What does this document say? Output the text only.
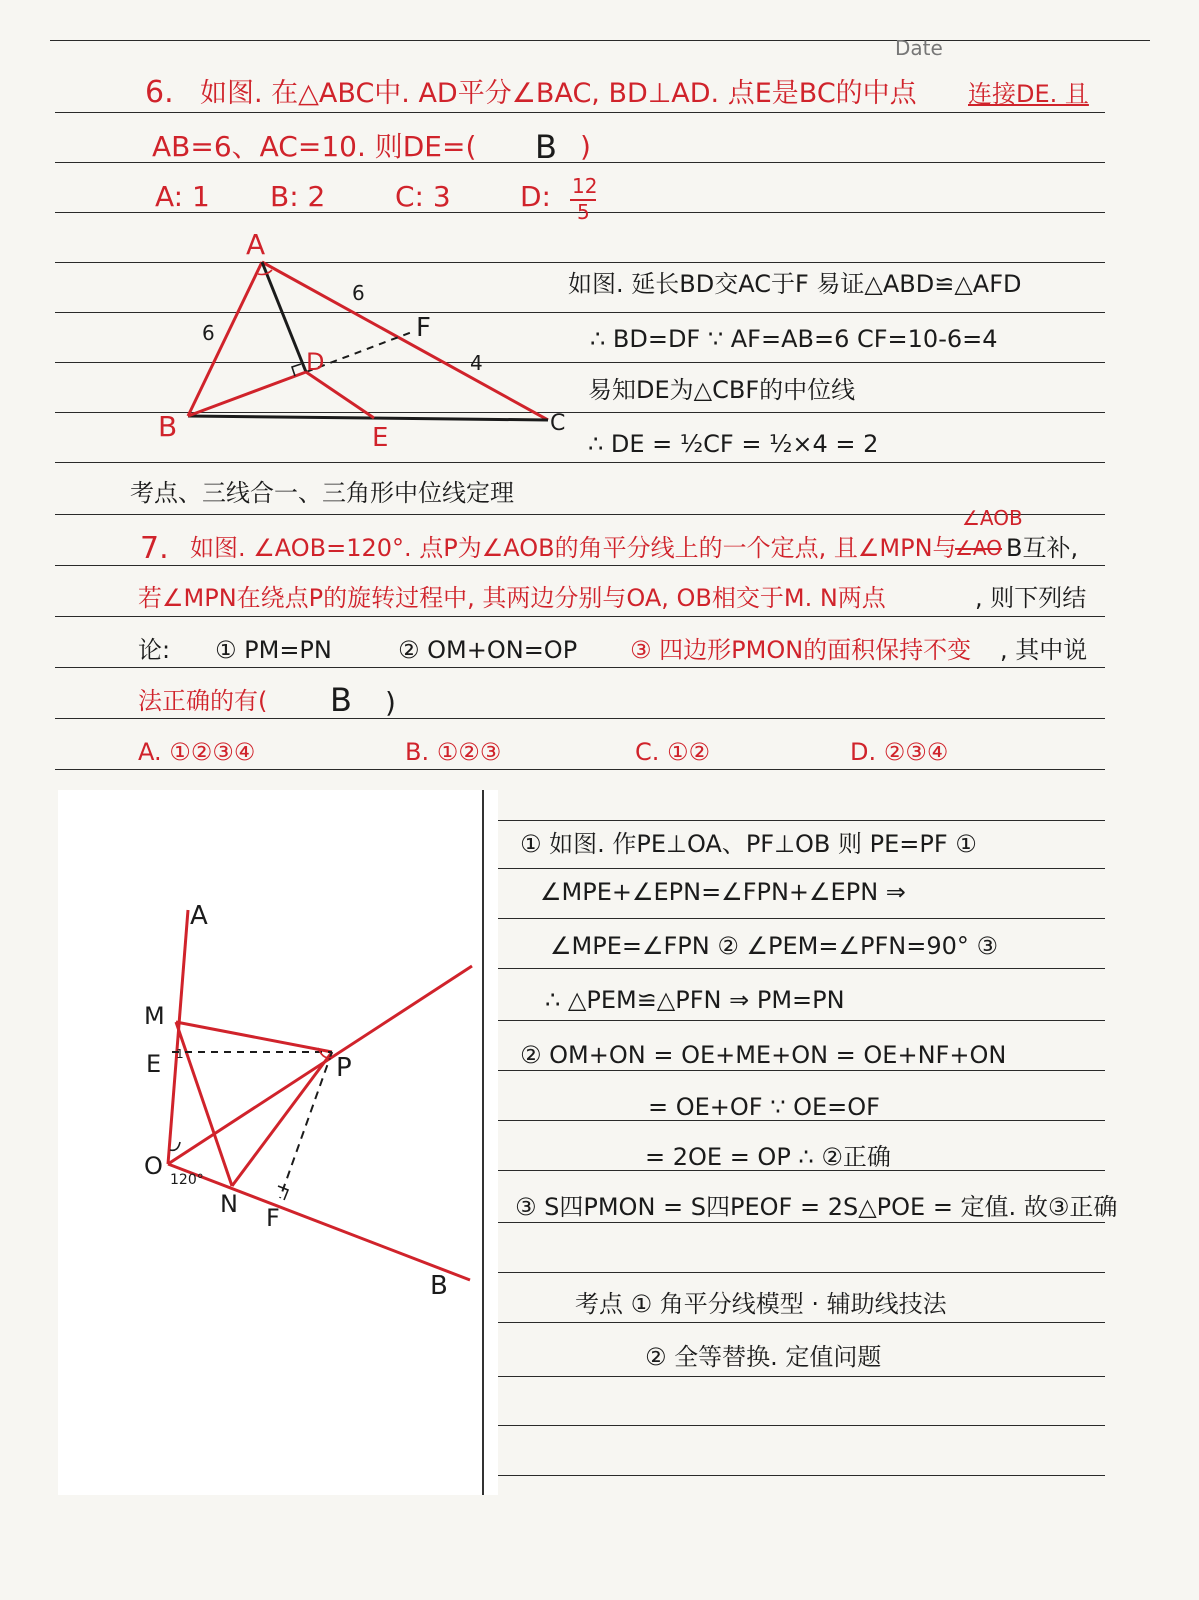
Date
6. 如图. 在△ABC中. AD平分∠BAC, BD⊥AD. 点E是BC的中点 连接DE. 且
AB=6、AC=10. 则DE=( B )
A: 1 B: 2 C: 3 D: 12
5
A
B	C
D
E
F
6
6
4
如图. 延长BD交AC于F 易证△ABD≌△AFD
∴ BD=DF ∵ AF=AB=6 CF=10-6=4
易知DE为△CBF的中位线
∴ DE = ½CF = ½×4 = 2
考点、三线合一、三角形中位线定理
7. 如图. ∠AOB=120°. 点P为∠AOB的角平分线上的一个定点, 且∠MPN与
∠AOB
∠AO B互补,
若∠MPN在绕点P的旋转过程中, 其两边分别与OA, OB相交于M. N两点	, 则下列结
论: ① PM=PN	② OM+ON=OP ③ 四边形PMON的面积保持不变 , 其中说
法正确的有( B )
A. ①②③④	B. ①②③	C. ①②	D. ②③④
A
B
M
E 1
O 120°
N F
P
① 如图. 作PE⊥OA、PF⊥OB 则 PE=PF ①
∠MPE+∠EPN=∠FPN+∠EPN ⇒
∠MPE=∠FPN ② ∠PEM=∠PFN=90° ③
∴ △PEM≌△PFN ⇒ PM=PN
② OM+ON = OE+ME+ON = OE+NF+ON
= OE+OF ∵ OE=OF
= 2OE = OP ∴ ②正确
③ S四PMON = S四PEOF = 2S△POE = 定值. 故③正确
考点 ① 角平分线模型 · 辅助线技法
② 全等替换. 定值问题
